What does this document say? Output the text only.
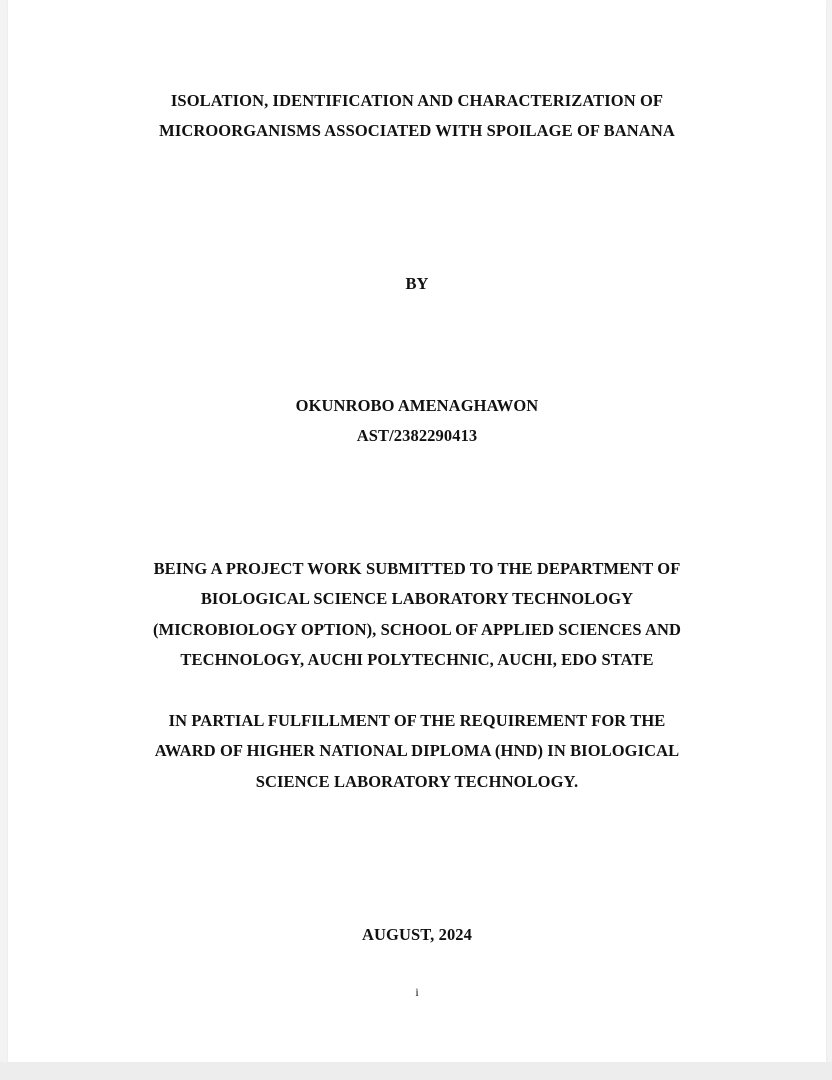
ISOLATION, IDENTIFICATION AND CHARACTERIZATION OF
MICROORGANISMS ASSOCIATED WITH SPOILAGE OF BANANA
BY
OKUNROBO AMENAGHAWON
AST/2382290413
BEING A PROJECT WORK SUBMITTED TO THE DEPARTMENT OF
BIOLOGICAL SCIENCE LABORATORY TECHNOLOGY
(MICROBIOLOGY OPTION), SCHOOL OF APPLIED SCIENCES AND
TECHNOLOGY, AUCHI POLYTECHNIC, AUCHI, EDO STATE
IN PARTIAL FULFILLMENT OF THE REQUIREMENT FOR THE
AWARD OF HIGHER NATIONAL DIPLOMA (HND) IN BIOLOGICAL
SCIENCE LABORATORY TECHNOLOGY.
AUGUST, 2024
i
